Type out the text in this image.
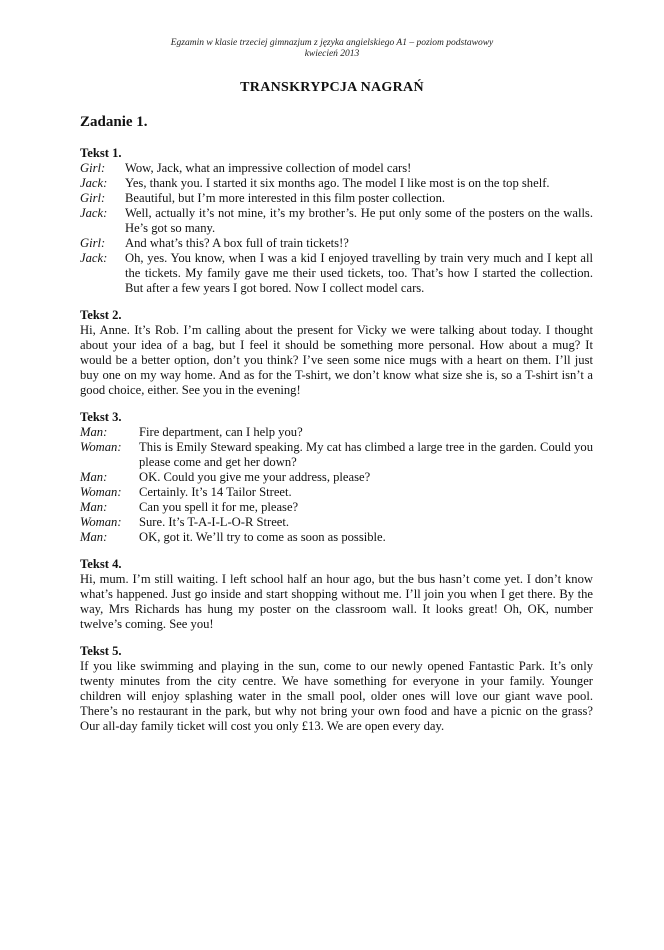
Egzamin w klasie trzeciej gimnazjum z języka angielskiego A1 – poziom podstawowy
kwiecień 2013
TRANSKRYPCJA NAGRAŃ
Zadanie 1.
Tekst 1.
Girl:	Wow, Jack, what an impressive collection of model cars!
Jack:	Yes, thank you. I started it six months ago. The model I like most is on the top shelf.
Girl:	Beautiful, but I’m more interested in this film poster collection.
Jack:	Well, actually it’s not mine, it’s my brother’s. He put only some of the posters on the walls. He’s got so many.
Girl:	And what’s this? A box full of train tickets!?
Jack:	Oh, yes. You know, when I was a kid I enjoyed travelling by train very much and I kept all the tickets. My family gave me their used tickets, too. That’s how I started the collection. But after a few years I got bored. Now I collect model cars.
Tekst 2.
Hi, Anne. It’s Rob. I’m calling about the present for Vicky we were talking about today. I thought about your idea of a bag, but I feel it should be something more personal. How about a mug? It would be a better option, don’t you think? I’ve seen some nice mugs with a heart on them. I’ll just buy one on my way home. And as for the T-shirt, we don’t know what size she is, so a T-shirt isn’t a good choice, either. See you in the evening!
Tekst 3.
Man:	Fire department, can I help you?
Woman:	This is Emily Steward speaking. My cat has climbed a large tree in the garden. Could you please come and get her down?
Man:	OK. Could you give me your address, please?
Woman:	Certainly. It’s 14 Tailor Street.
Man:	Can you spell it for me, please?
Woman:	Sure. It’s T-A-I-L-O-R Street.
Man:	OK, got it. We’ll try to come as soon as possible.
Tekst 4.
Hi, mum. I’m still waiting. I left school half an hour ago, but the bus hasn’t come yet. I don’t know what’s happened. Just go inside and start shopping without me. I’ll join you when I get there. By the way, Mrs Richards has hung my poster on the classroom wall. It looks great! Oh, OK, number twelve’s coming. See you!
Tekst 5.
If you like swimming and playing in the sun, come to our newly opened Fantastic Park. It’s only twenty minutes from the city centre. We have something for everyone in your family. Younger children will enjoy splashing water in the small pool, older ones will love our giant wave pool. There’s no restaurant in the park, but why not bring your own food and have a picnic on the grass? Our all-day family ticket will cost you only £13. We are open every day.
